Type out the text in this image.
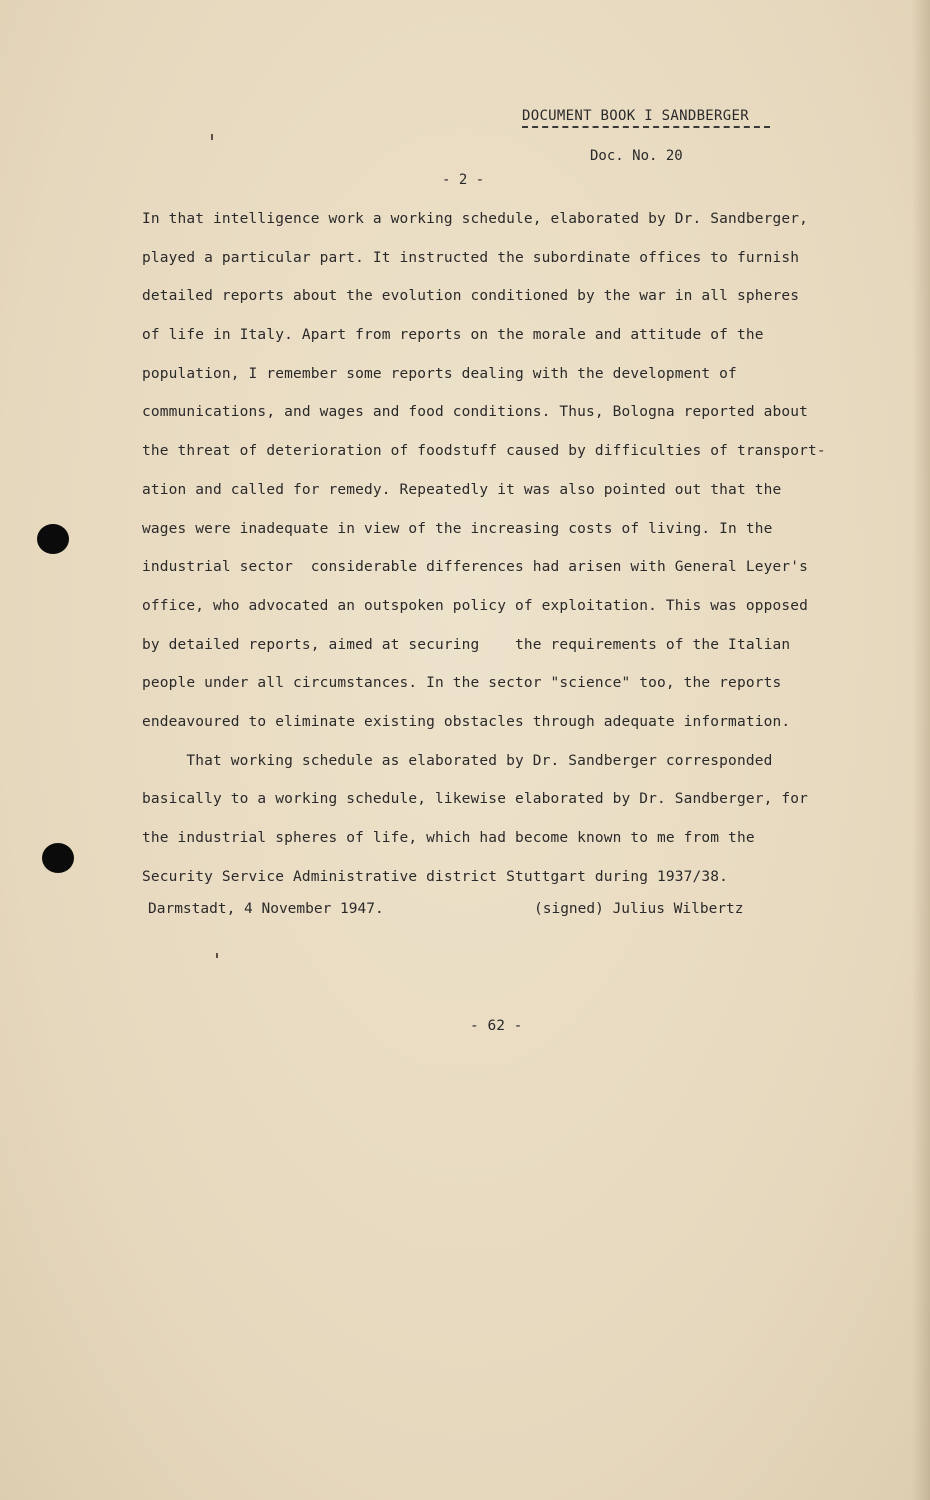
DOCUMENT BOOK I SANDBERGER
Doc. No. 20
- 2 -
In that intelligence work a working schedule, elaborated by Dr. Sandberger,
played a particular part. It instructed the subordinate offices to furnish
detailed reports about the evolution conditioned by the war in all spheres
of life in Italy. Apart from reports on the morale and attitude of the
population, I remember some reports dealing with the development of
communications, and wages and food conditions. Thus, Bologna reported about
the threat of deterioration of foodstuff caused by difficulties of transport-
ation and called for remedy. Repeatedly it was also pointed out that the
wages were inadequate in view of the increasing costs of living. In the
industrial sector  considerable differences had arisen with General Leyer's
office, who advocated an outspoken policy of exploitation. This was opposed
by detailed reports, aimed at securing    the requirements of the Italian
people under all circumstances. In the sector "science" too, the reports
endeavoured to eliminate existing obstacles through adequate information.
That working schedule as elaborated by Dr. Sandberger corresponded
basically to a working schedule, likewise elaborated by Dr. Sandberger, for
the industrial spheres of life, which had become known to me from the
Security Service Administrative district Stuttgart during 1937/38.
Darmstadt, 4 November 1947.	(signed) Julius Wilbertz
- 62 -
